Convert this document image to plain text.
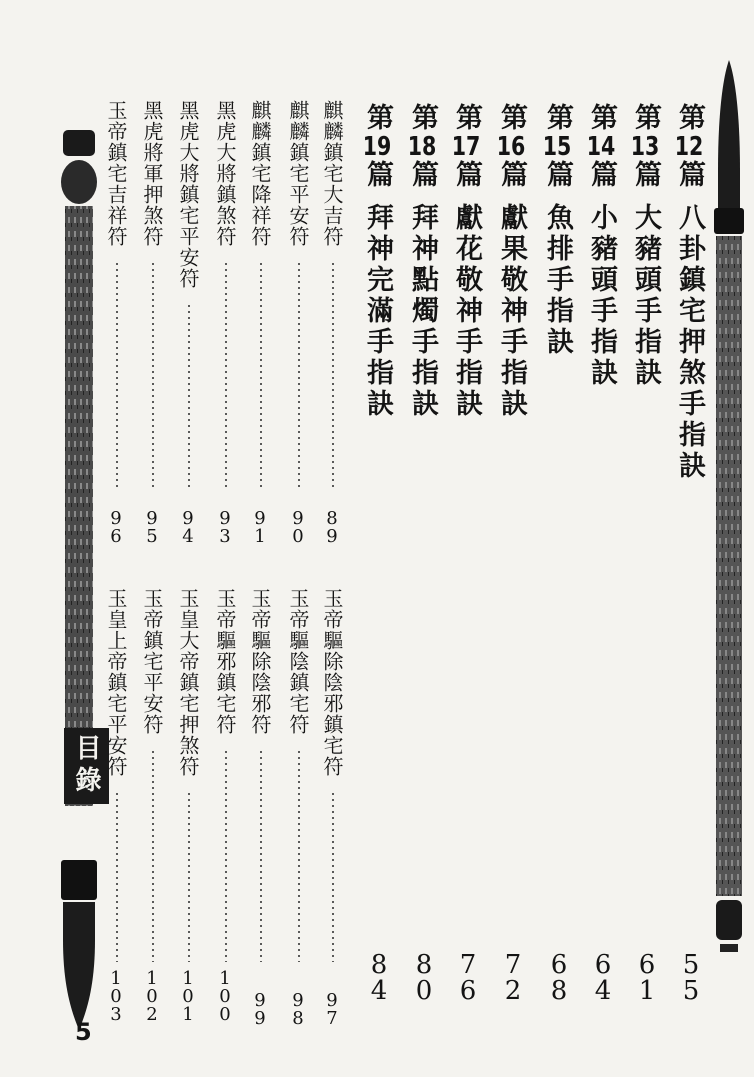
目錄
第12篇八卦鎮宅押煞手指訣
5
5
第13篇大豬頭手指訣
6
1
第14篇小豬頭手指訣
6
4
第15篇魚排手指訣
6
8
第16篇獻果敬神手指訣
7
2
第17篇獻花敬神手指訣
7
6
第18篇拜神點燭手指訣
8
0
第19篇拜神完滿手指訣
8
4
麒麟鎮宅大吉符
8
9
麒麟鎮宅平安符
9
0
麒麟鎮宅降祥符
9
1
黑虎大將鎮煞符
9
3
黑虎大將鎮宅平安符
9
4
黑虎將軍押煞符
9
5
玉帝鎮宅吉祥符
9
6
玉帝驅除陰邪鎮宅符
9
7
玉帝驅陰鎮宅符
9
8
玉帝驅除陰邪符
9
9
玉帝驅邪鎮宅符
1
0
0
玉皇大帝鎮宅押煞符
1
0
1
玉帝鎮宅平安符
1
0
2
玉皇上帝鎮宅平安符
1
0
3
5
